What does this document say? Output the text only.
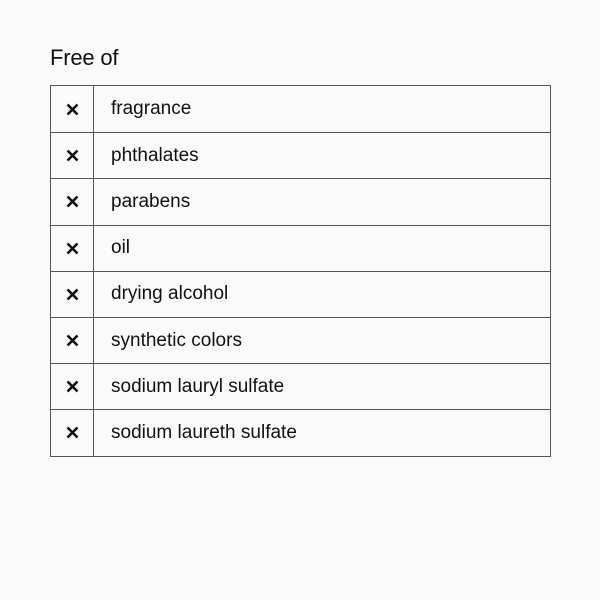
Free of
fragrance
phthalates
parabens
oil
drying alcohol
synthetic colors
sodium lauryl sulfate
sodium laureth sulfate
